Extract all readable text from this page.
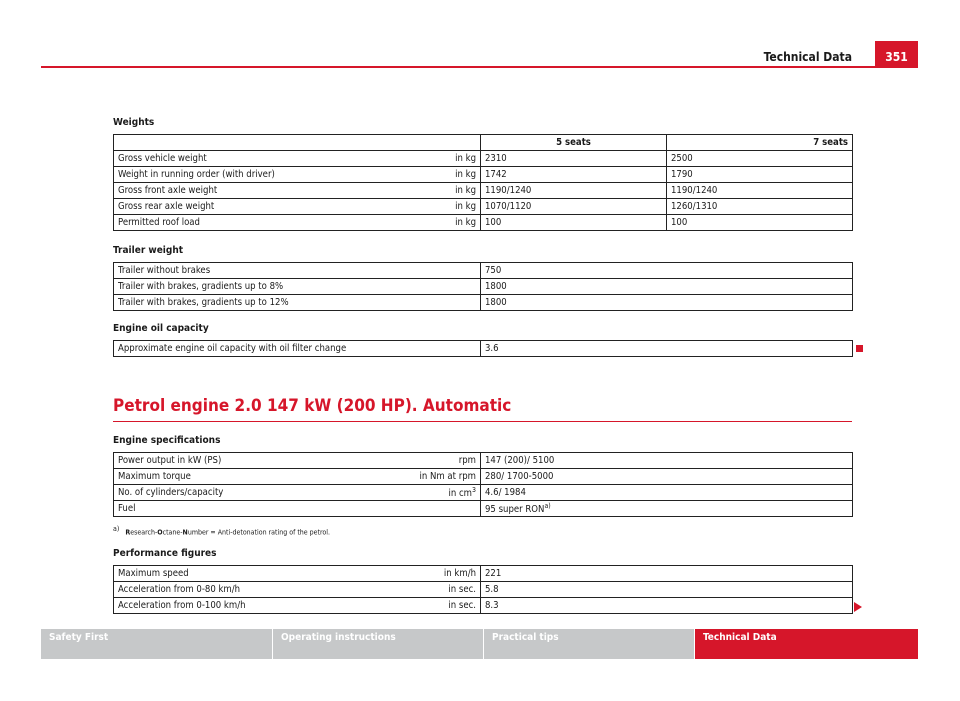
Technical Data	351
Weights
		5 seats	7 seats
Gross vehicle weight	in kg	2310	2500
Weight in running order (with driver)	in kg	1742	1790
Gross front axle weight	in kg	1190/1240	1190/1240
Gross rear axle weight	in kg	1070/1120	1260/1310
Permitted roof load	in kg	100	100
Trailer weight
Trailer without brakes	750
Trailer with brakes, gradients up to 8%	1800
Trailer with brakes, gradients up to 12%	1800
Engine oil capacity
Approximate engine oil capacity with oil filter change	3.6
Petrol engine 2.0 147 kW (200 HP). Automatic
Engine specifications
Power output in kW (PS)	rpm	147 (200)/ 5100
Maximum torque	in Nm at rpm	280/ 1700-5000
No. of cylinders/capacity	in $cm^3$	4.6/ 1984
Fuel		95 super RON$^{a)}$
$^{a)}$ Research-Octane-Number = Anti-detonation rating of the petrol.
Performance figures
Maximum speed	in km/h	221
Acceleration from 0-80 km/h	in sec.	5.8
Acceleration from 0-100 km/h	in sec.	8.3
Safety First	Operating instructions	Practical tips	Technical Data
